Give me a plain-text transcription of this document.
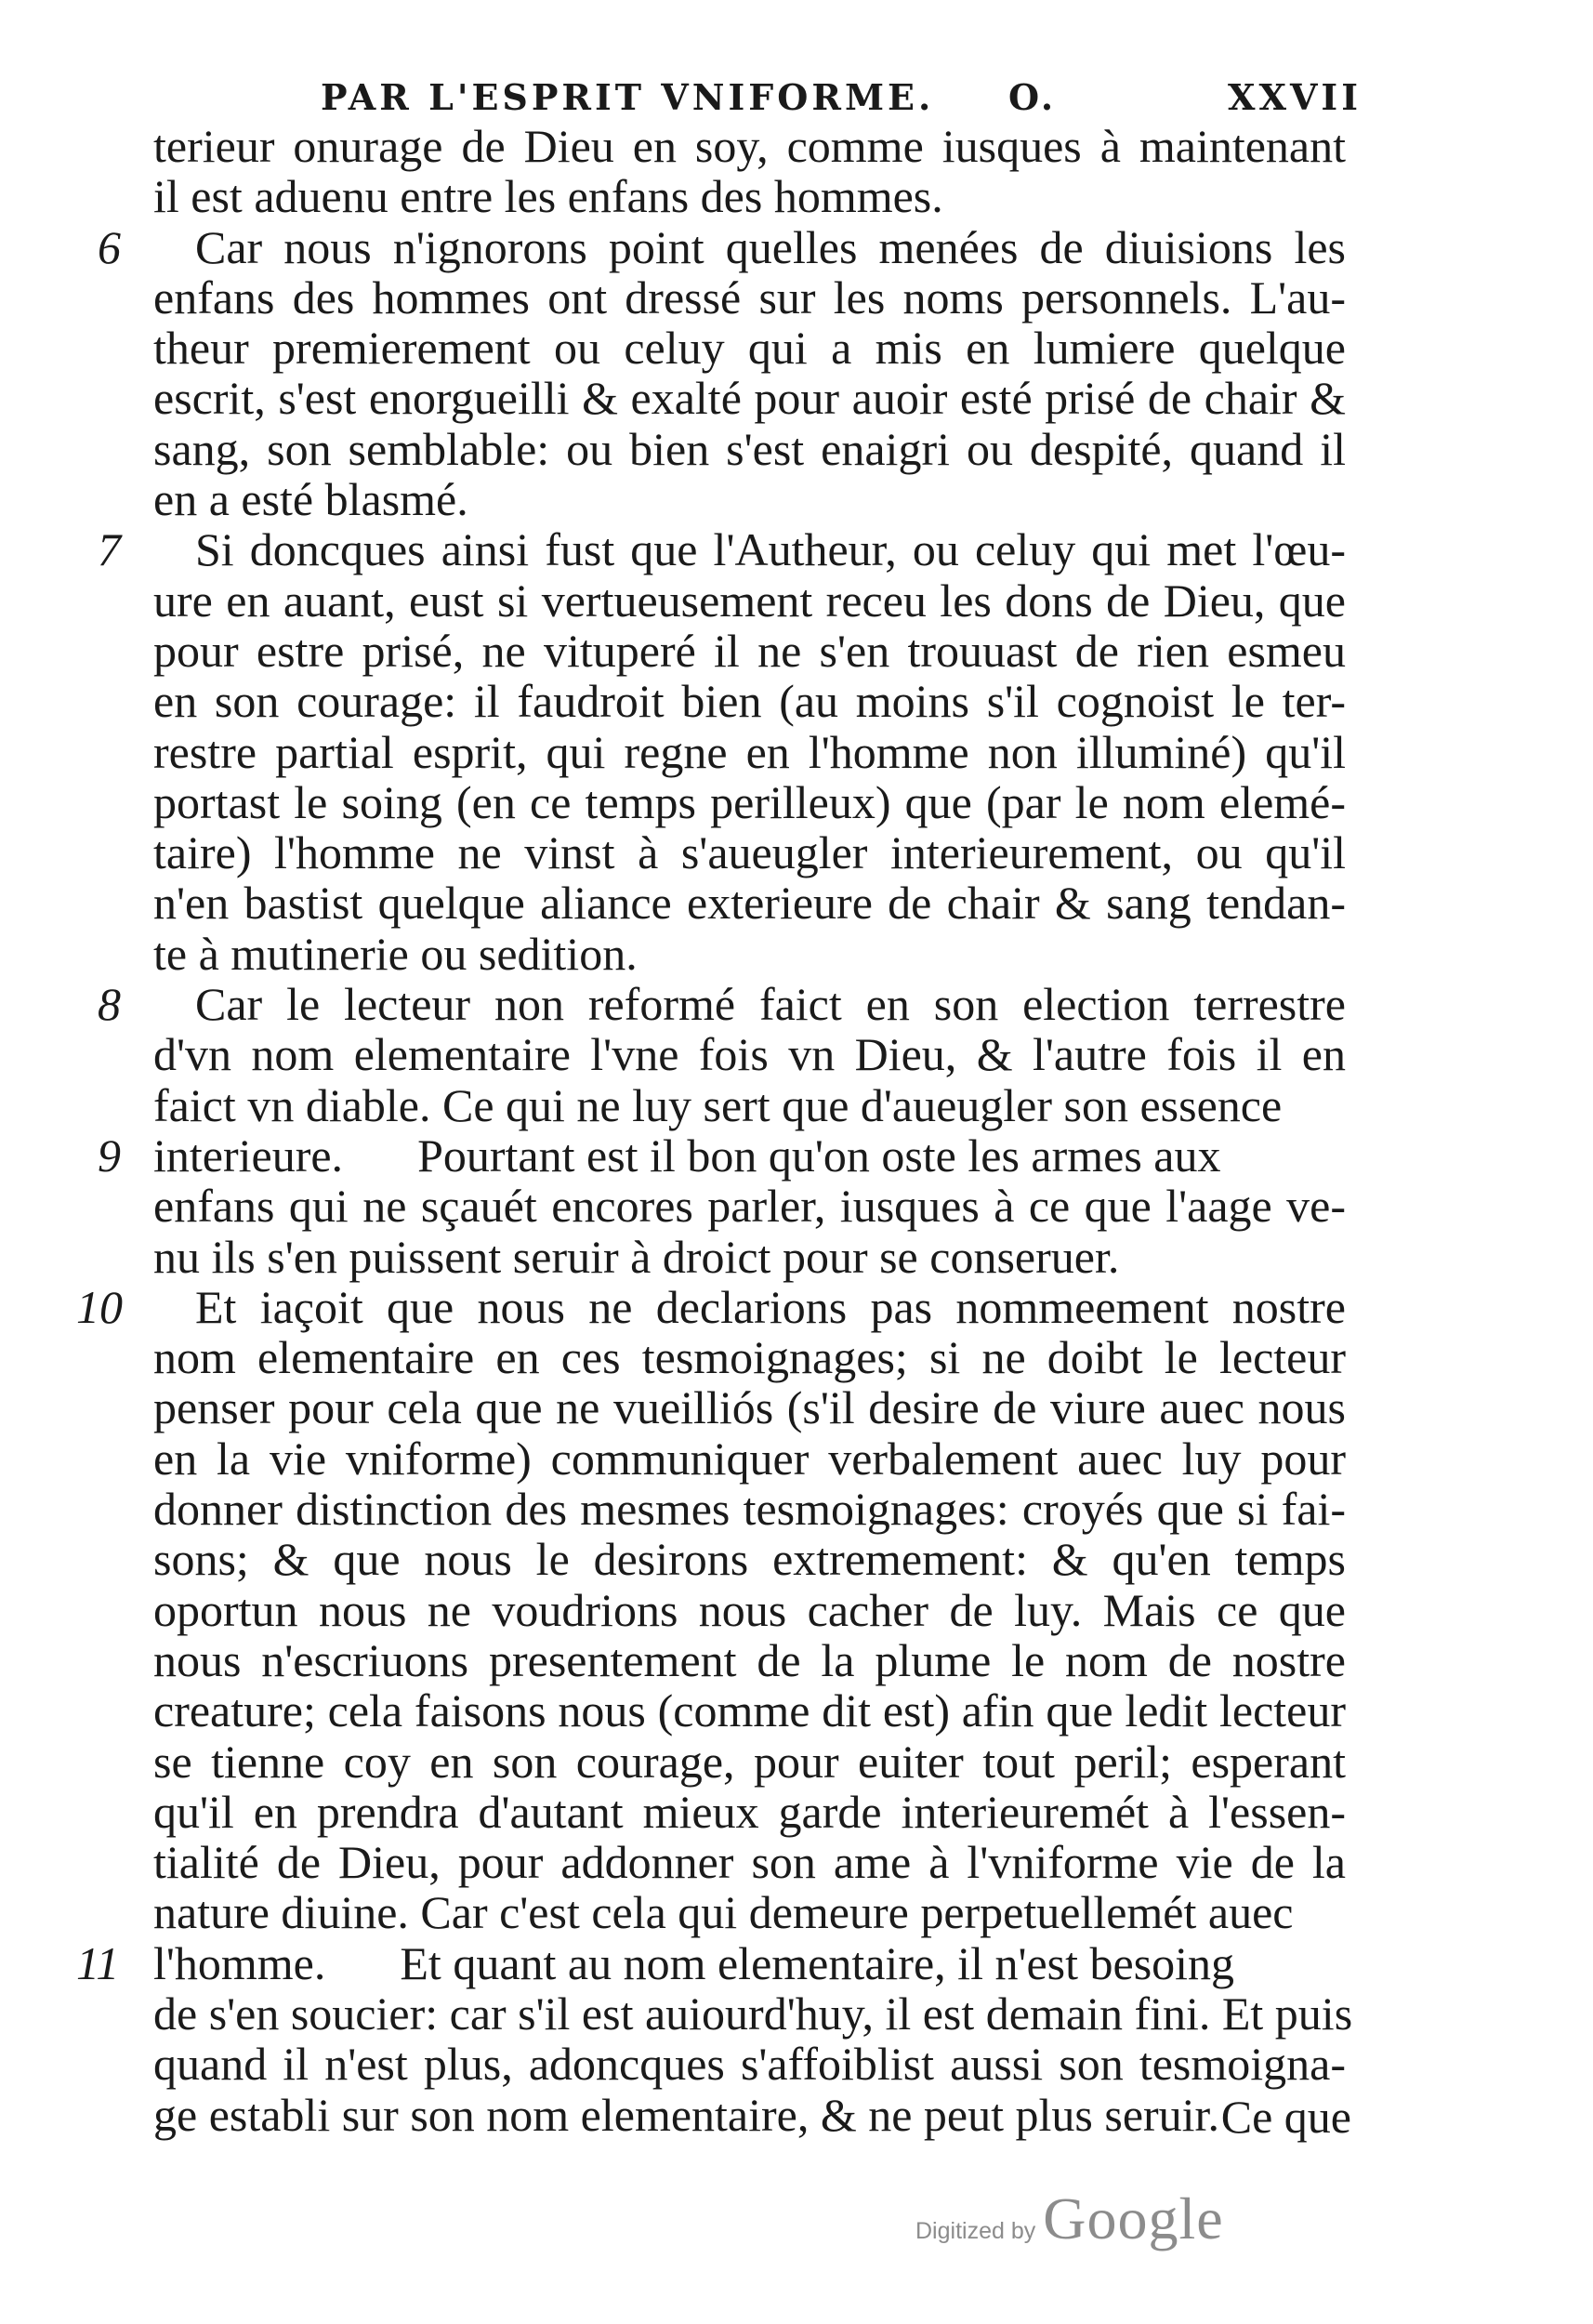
PAR L'ESPRIT VNIFORME. O.	XXVII
terieur onurage de Dieu en soy, comme iusques à maintenant
il est aduenu entre les enfans des hommes.
6 Car nous n'ignorons point quelles menées de diuisions les
enfans des hommes ont dressé sur les noms personnels. L'au-
theur premierement ou celuy qui a mis en lumiere quelque
escrit, s'est enorgueilli & exalté pour auoir esté prisé de chair &
sang, son semblable: ou bien s'est enaigri ou despité, quand il
en a esté blasmé.
7 Si doncques ainsi fust que l'Autheur, ou celuy qui met l'œu-
ure en auant, eust si vertueusement receu les dons de Dieu, que
pour estre prisé, ne vituperé il ne s'en trouuast de rien esmeu
en son courage: il faudroit bien (au moins s'il cognoist le ter-
restre partial esprit, qui regne en l'homme non illuminé) qu'il
portast le soing (en ce temps perilleux) que (par le nom elemé-
taire) l'homme ne vinst à s'aueugler interieurement, ou qu'il
n'en bastist quelque aliance exterieure de chair & sang tendan-
te à mutinerie ou sedition.
8 Car le lecteur non reformé faict en son election terrestre
d'vn nom elementaire l'vne fois vn Dieu, & l'autre fois il en
faict vn diable. Ce qui ne luy sert que d'aueugler son essence
9 interieure. Pourtant est il bon qu'on oste les armes aux
enfans qui ne sçauét encores parler, iusques à ce que l'aage ve-
nu ils s'en puissent seruir à droict pour se conseruer.
10 Et iaçoit que nous ne declarions pas nommeement nostre
nom elementaire en ces tesmoignages; si ne doibt le lecteur
penser pour cela que ne vueilliós (s'il desire de viure auec nous
en la vie vniforme) communiquer verbalement auec luy pour
donner distinction des mesmes tesmoignages: croyés que si fai-
sons; & que nous le desirons extremement: & qu'en temps
oportun nous ne voudrions nous cacher de luy. Mais ce que
nous n'escriuons presentement de la plume le nom de nostre
creature; cela faisons nous (comme dit est) afin que ledit lecteur
se tienne coy en son courage, pour euiter tout peril; esperant
qu'il en prendra d'autant mieux garde interieuremét à l'essen-
tialité de Dieu, pour addonner son ame à l'vniforme vie de la
nature diuine. Car c'est cela qui demeure perpetuellemét auec
11 l'homme. Et quant au nom elementaire, il n'est besoing
de s'en soucier: car s'il est auiourd'huy, il est demain fini. Et puis
quand il n'est plus, adoncques s'affoiblist aussi son tesmoigna-
ge establi sur son nom elementaire, & ne peut plus seruir. Ce que
Digitized by Google
